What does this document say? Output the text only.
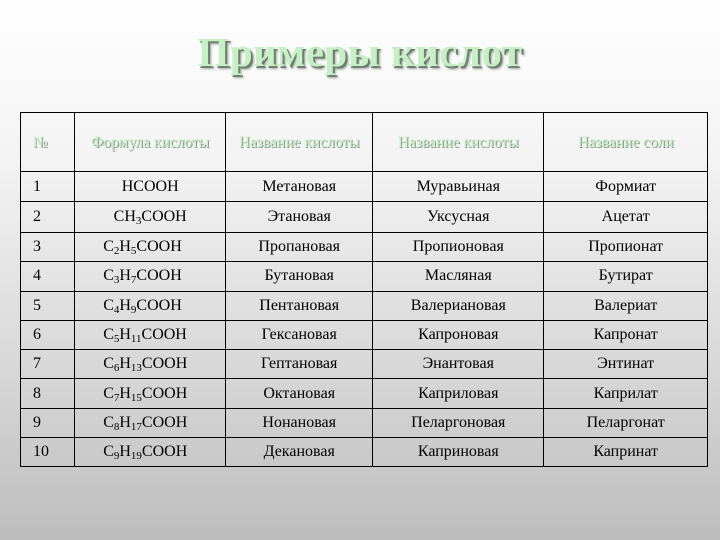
Примеры кислот
№	Формула кислоты	Название кислоты	Название кислоты	Название соли
1	HCOOH	Метановая	Муравьиная	Формиат
2	$CH_3COOH$	Этановая	Уксусная	Ацетат
3	$C_2H_5COOH$	Пропановая	Пропионовая	Пропионат
4	$C_3H_7COOH$	Бутановая	Масляная	Бутират
5	$C_4H_9COOH$	Пентановая	Валериановая	Валериат
6	$C_5H_{11}COOH$	Гексановая	Капроновая	Капронат
7	$C_6H_{13}COOH$	Гептановая	Энантовая	Энтинат
8	$C_7H_{15}COOH$	Октановая	Каприловая	Каприлат
9	$C_8H_{17}COOH$	Нонановая	Пеларгоновая	Пеларгонат
10	$C_9H_{19}COOH$	Декановая	Каприновая	Капринат
